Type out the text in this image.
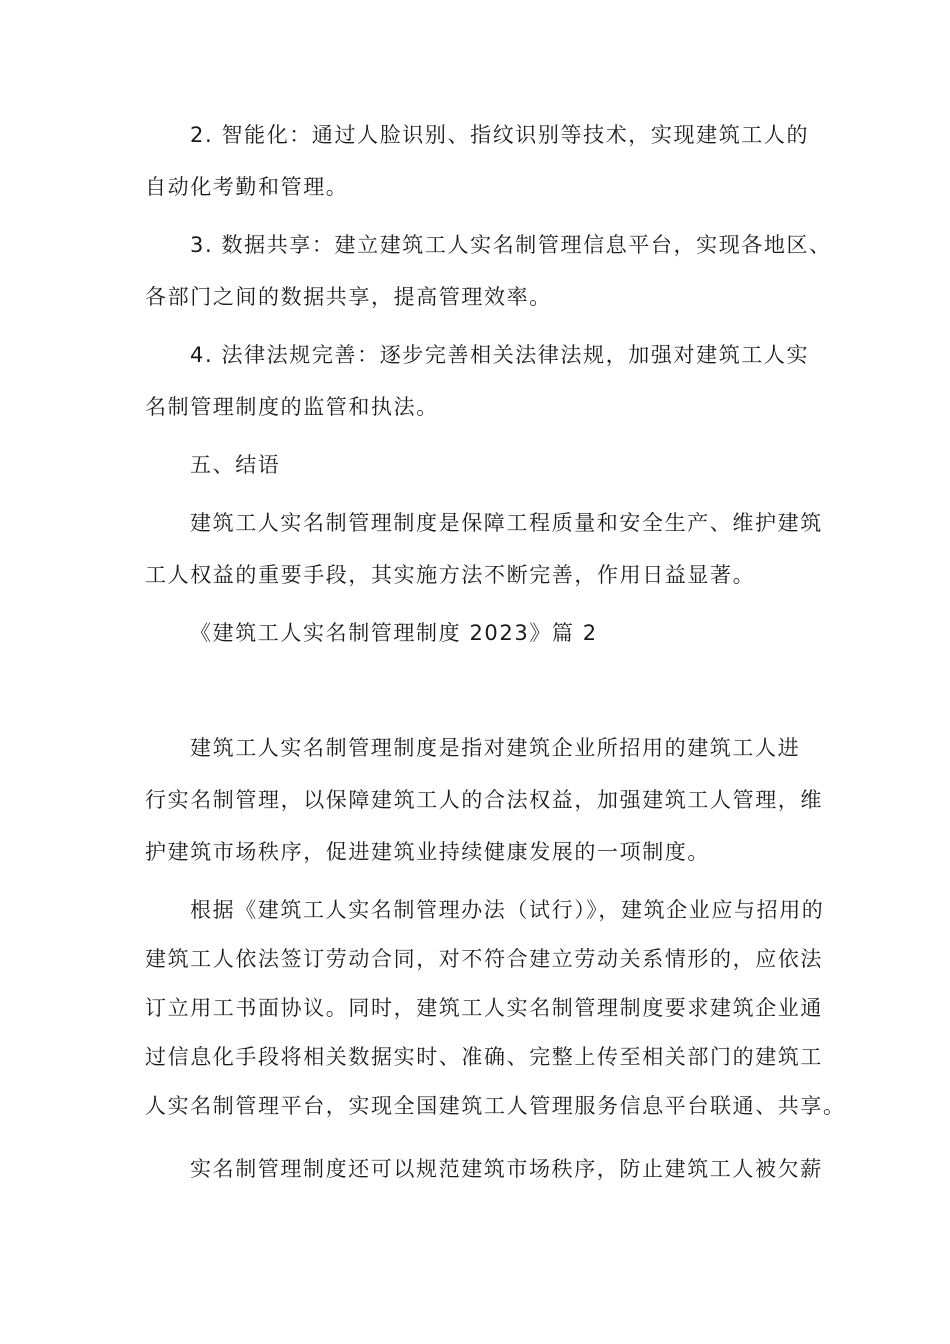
2. 智能化：通过人脸识别、指纹识别等技术，实现建筑工人的

自动化考勤和管理。

3. 数据共享：建立建筑工人实名制管理信息平台，实现各地区、

各部门之间的数据共享，提高管理效率。

4. 法律法规完善：逐步完善相关法律法规，加强对建筑工人实

名制管理制度的监管和执法。

五、结语

建筑工人实名制管理制度是保障工程质量和安全生产、维护建筑

工人权益的重要手段，其实施方法不断完善，作用日益显著。

《建筑工人实名制管理制度 2023》篇 2

建筑工人实名制管理制度是指对建筑企业所招用的建筑工人进

行实名制管理，以保障建筑工人的合法权益，加强建筑工人管理，维

护建筑市场秩序，促进建筑业持续健康发展的一项制度。

根据《建筑工人实名制管理办法（试行）》，建筑企业应与招用的

建筑工人依法签订劳动合同，对不符合建立劳动关系情形的，应依法

订立用工书面协议。同时，建筑工人实名制管理制度要求建筑企业通

过信息化手段将相关数据实时、准确、完整上传至相关部门的建筑工

人实名制管理平台，实现全国建筑工人管理服务信息平台联通、共享。

实名制管理制度还可以规范建筑市场秩序，防止建筑工人被欠薪
